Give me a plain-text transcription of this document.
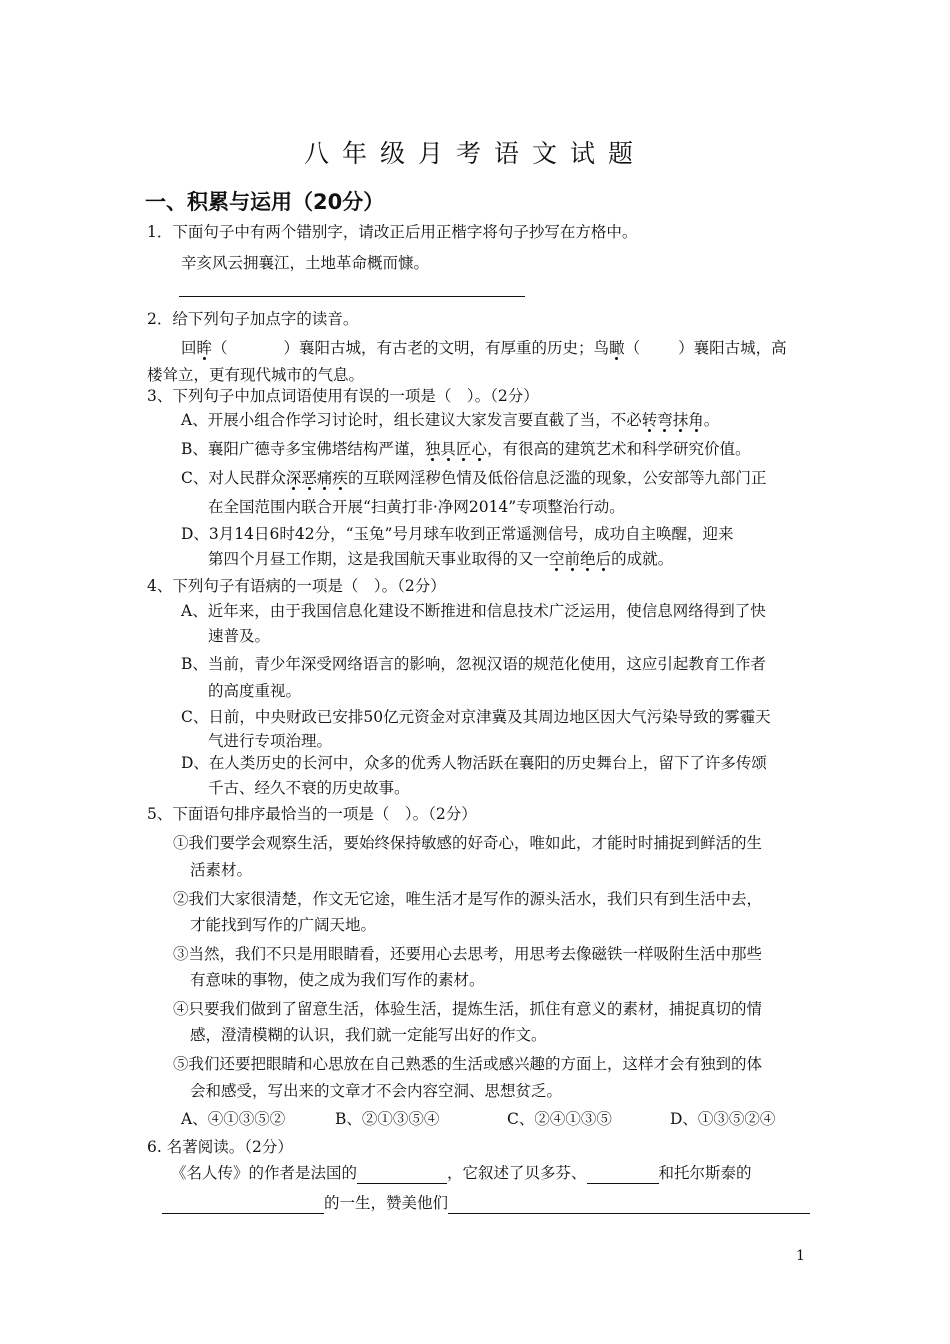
八年级月考语文试题
一、积累与运用（20分）
1．下面句子中有两个错别字，请改正后用正楷字将句子抄写在方格中。
辛亥风云拥襄江，土地革命概而慷。
2．给下列句子加点字的读音。
回眸（	）襄阳古城，有古老的文明，有厚重的历史；鸟瞰（ ）襄阳古城，高
楼耸立，更有现代城市的气息。
3、下列句子中加点词语使用有误的一项是（　）。（2分）
A、开展小组合作学习讨论时，组长建议大家发言要直截了当，不必转弯抹角。
B、襄阳广德寺多宝佛塔结构严谨，独具匠心，有很高的建筑艺术和科学研究价值。
C、对人民群众深恶痛疾的互联网淫秽色情及低俗信息泛滥的现象，公安部等九部门正
在全国范围内联合开展“扫黄打非·净网2014”专项整治行动。
D、3月14日6时42分，“玉兔”号月球车收到正常遥测信号，成功自主唤醒，迎来
第四个月昼工作期，这是我国航天事业取得的又一空前绝后的成就。
4、下列句子有语病的一项是（　）。（2分）
A、近年来，由于我国信息化建设不断推进和信息技术广泛运用，使信息网络得到了快
速普及。
B、当前，青少年深受网络语言的影响，忽视汉语的规范化使用，这应引起教育工作者
的高度重视。
C、日前，中央财政已安排50亿元资金对京津冀及其周边地区因大气污染导致的雾霾天
气进行专项治理。
D、在人类历史的长河中，众多的优秀人物活跃在襄阳的历史舞台上，留下了许多传颂
千古、经久不衰的历史故事。
5、下面语句排序最恰当的一项是（　）。（2分）
①我们要学会观察生活，要始终保持敏感的好奇心，唯如此，才能时时捕捉到鲜活的生
活素材。
②我们大家很清楚，作文无它途，唯生活才是写作的源头活水，我们只有到生活中去，
才能找到写作的广阔天地。
③当然，我们不只是用眼睛看，还要用心去思考，用思考去像磁铁一样吸附生活中那些
有意味的事物，使之成为我们写作的素材。
④只要我们做到了留意生活，体验生活，提炼生活，抓住有意义的素材，捕捉真切的情
感，澄清模糊的认识，我们就一定能写出好的作文。
⑤我们还要把眼睛和心思放在自己熟悉的生活或感兴趣的方面上，这样才会有独到的体
会和感受，写出来的文章才不会内容空洞、思想贫乏。
A、④①③⑤②	B、②①③⑤④	C、②④①③⑤	D、①③⑤②④
6. 名著阅读。（2分）
《名人传》的作者是法国的	，它叙述了贝多芬、	和托尔斯泰的
的一生，赞美他们
1
